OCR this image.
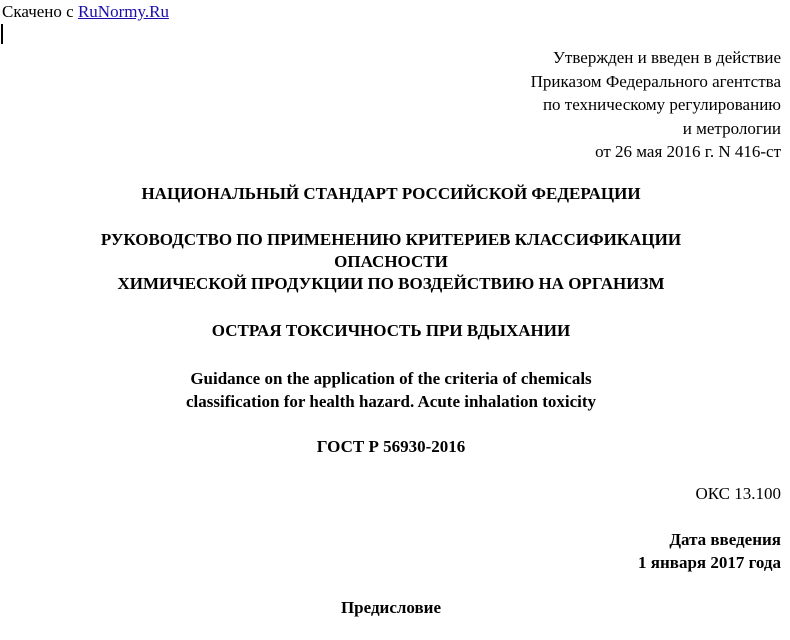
Скачено с RuNormy.Ru
Утвержден и введен в действие
Приказом Федерального агентства
по техническому регулированию
и метрологии
от 26 мая 2016 г. N 416-ст
НАЦИОНАЛЬНЫЙ СТАНДАРТ РОССИЙСКОЙ ФЕДЕРАЦИИ
РУКОВОДСТВО ПО ПРИМЕНЕНИЮ КРИТЕРИЕВ КЛАССИФИКАЦИИ
ОПАСНОСТИ
ХИМИЧЕСКОЙ ПРОДУКЦИИ ПО ВОЗДЕЙСТВИЮ НА ОРГАНИЗМ
ОСТРАЯ ТОКСИЧНОСТЬ ПРИ ВДЫХАНИИ
Guidance on the application of the criteria of chemicals
classification for health hazard. Acute inhalation toxicity
ГОСТ Р 56930-2016
ОКС 13.100
Дата введения
1 января 2017 года
Предисловие
